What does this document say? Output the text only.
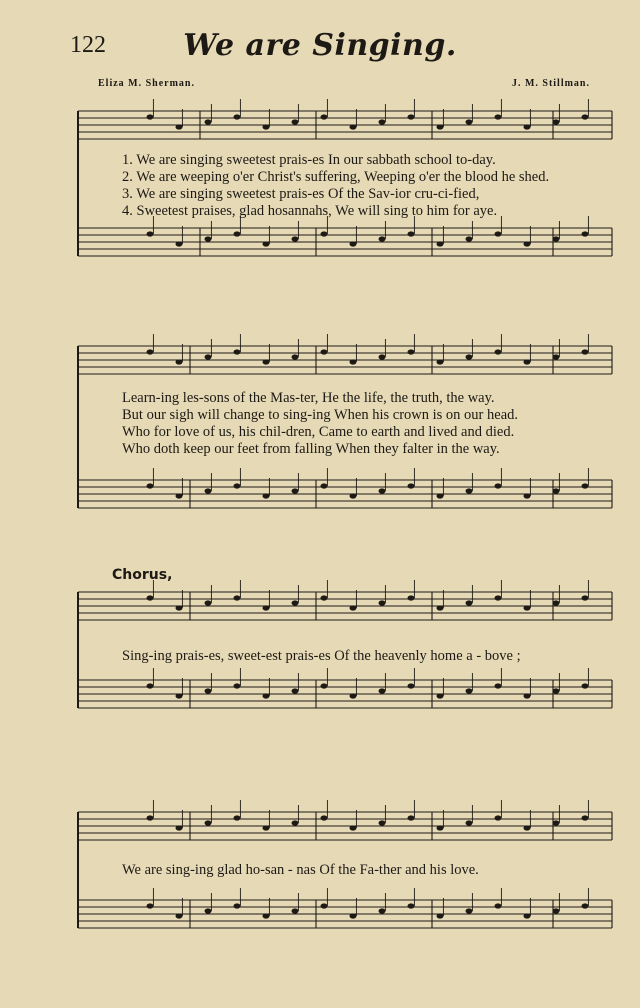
122	We are Singing.
Eliza M. Sherman.	J. M. Stillman.
1. We are singing sweetest prais-es In our sabbath school to-day.
2. We are weeping o'er Christ's suffering, Weeping o'er the blood he shed.
3. We are singing sweetest prais-es Of the Sav-ior cru-ci-fied,
4. Sweetest praises, glad hosannahs, We will sing to him for aye.
Learn-ing les-sons of the Mas-ter, He the life, the truth, the way.
But our sigh will change to sing-ing When his crown is on our head.
Who for love of us, his chil-dren, Came to earth and lived and died.
Who doth keep our feet from falling When they falter in the way.
Chorus,
Sing-ing prais-es, sweet-est prais-es Of the heavenly home a - bove ;
We are sing-ing glad ho-san - nas Of the Fa-ther and his love.
